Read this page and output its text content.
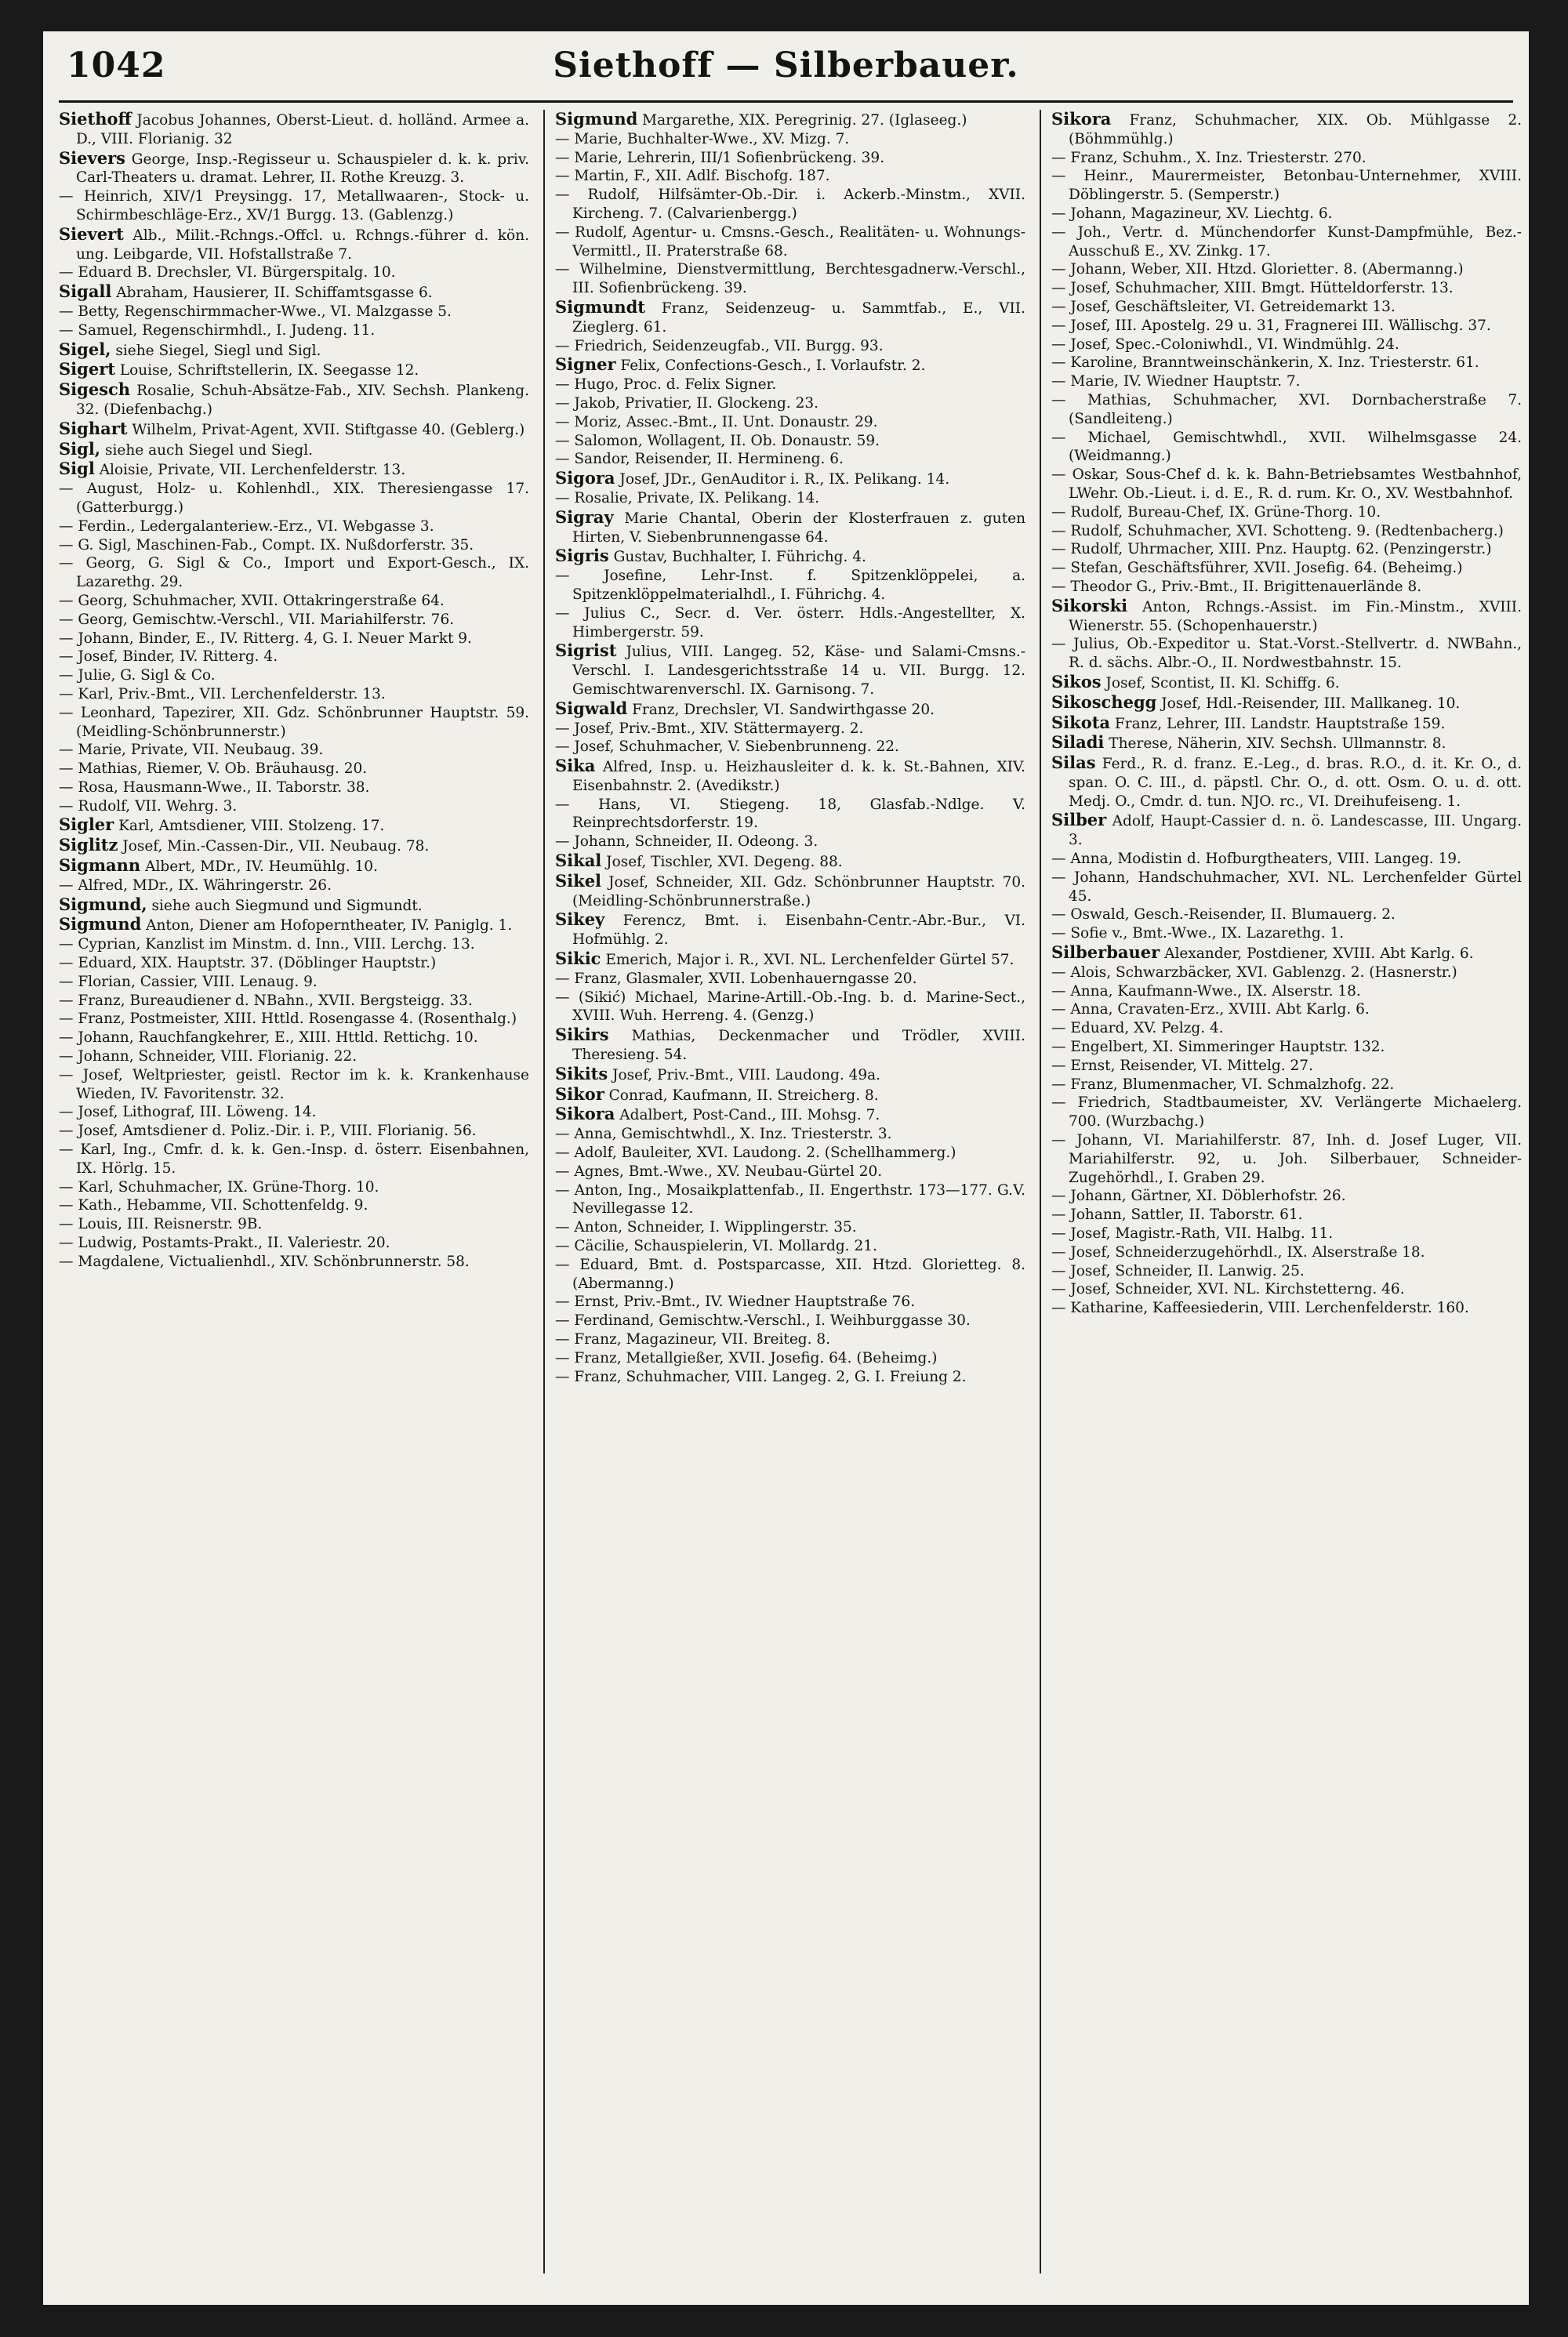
1042	Siethoff — Silberbauer.

Siethoff Jacobus Johannes, Oberst-Lieut. d. holländ. Armee a. D., VIII. Florianig. 32

Sievers George, Insp.-Regisseur u. Schauspieler d. k. k. priv. Carl-Theaters u. dramat. Lehrer, II. Rothe Kreuzg. 3.

— Heinrich, XIV/1 Preysingg. 17, Metallwaaren-, Stock- u. Schirmbeschläge-Erz., XV/1 Burgg. 13. (Gablenzg.)

Sievert Alb., Milit.-Rchngs.-Offcl. u. Rchngs.-führer d. kön. ung. Leibgarde, VII. Hofstallstraße 7.

— Eduard B. Drechsler, VI. Bürgerspitalg. 10.

Sigall Abraham, Hausierer, II. Schiffamtsgasse 6.

— Betty, Regenschirmmacher-Wwe., VI. Malzgasse 5.

— Samuel, Regenschirmhdl., I. Judeng. 11.

Sigel, siehe Siegel, Siegl und Sigl.

Sigert Louise, Schriftstellerin, IX. Seegasse 12.

Sigesch Rosalie, Schuh-Absätze-Fab., XIV. Sechsh. Plankeng. 32. (Diefenbachg.)

Sighart Wilhelm, Privat-Agent, XVII. Stiftgasse 40. (Geblerg.)

Sigl, siehe auch Siegel und Siegl.

Sigl Aloisie, Private, VII. Lerchenfelderstr. 13.

— August, Holz- u. Kohlenhdl., XIX. Theresiengasse 17. (Gatterburgg.)

— Ferdin., Ledergalanteriew.-Erz., VI. Webgasse 3.

— G. Sigl, Maschinen-Fab., Compt. IX. Nußdorferstr. 35.

— Georg, G. Sigl & Co., Import und Export-Gesch., IX. Lazarethg. 29.

— Georg, Schuhmacher, XVII. Ottakringerstraße 64.

— Georg, Gemischtw.-Verschl., VII. Mariahilferstr. 76.

— Johann, Binder, E., IV. Ritterg. 4, G. I. Neuer Markt 9.

— Josef, Binder, IV. Ritterg. 4.

— Julie, G. Sigl & Co.

— Karl, Priv.-Bmt., VII. Lerchenfelderstr. 13.

— Leonhard, Tapezirer, XII. Gdz. Schönbrunner Hauptstr. 59. (Meidling-Schönbrunnerstr.)

— Marie, Private, VII. Neubaug. 39.

— Mathias, Riemer, V. Ob. Bräuhausg. 20.

— Rosa, Hausmann-Wwe., II. Taborstr. 38.

— Rudolf, VII. Wehrg. 3.

Sigler Karl, Amtsdiener, VIII. Stolzeng. 17.

Siglitz Josef, Min.-Cassen-Dir., VII. Neubaug. 78.

Sigmann Albert, MDr., IV. Heumühlg. 10.

— Alfred, MDr., IX. Währingerstr. 26.

Sigmund, siehe auch Siegmund und Sigmundt.

Sigmund Anton, Diener am Hofoperntheater, IV. Paniglg. 1.

— Cyprian, Kanzlist im Minstm. d. Inn., VIII. Lerchg. 13.

— Eduard, XIX. Hauptstr. 37. (Döblinger Hauptstr.)

— Florian, Cassier, VIII. Lenaug. 9.

— Franz, Bureaudiener d. NBahn., XVII. Bergsteigg. 33.

— Franz, Postmeister, XIII. Httld. Rosengasse 4. (Rosenthalg.)

— Johann, Rauchfangkehrer, E., XIII. Httld. Rettichg. 10.

— Johann, Schneider, VIII. Florianig. 22.

— Josef, Weltpriester, geistl. Rector im k. k. Krankenhause Wieden, IV. Favoritenstr. 32.

— Josef, Lithograf, III. Löweng. 14.

— Josef, Amtsdiener d. Poliz.-Dir. i. P., VIII. Florianig. 56.

— Karl, Ing., Cmfr. d. k. k. Gen.-Insp. d. österr. Eisenbahnen, IX. Hörlg. 15.

— Karl, Schuhmacher, IX. Grüne-Thorg. 10.

— Kath., Hebamme, VII. Schottenfeldg. 9.

— Louis, III. Reisnerstr. 9B.

— Ludwig, Postamts-Prakt., II. Valeriestr. 20.

— Magdalene, Victualienhdl., XIV. Schönbrunnerstr. 58.

Sigmund Margarethe, XIX. Peregrinig. 27. (Iglaseeg.)

— Marie, Buchhalter-Wwe., XV. Mizg. 7.

— Marie, Lehrerin, III/1 Sofienbrückeng. 39.

— Martin, F., XII. Adlf. Bischofg. 187.

— Rudolf, Hilfsämter-Ob.-Dir. i. Ackerb.-Minstm., XVII. Kircheng. 7. (Calvarienbergg.)

— Rudolf, Agentur- u. Cmsns.-Gesch., Realitäten- u. Wohnungs-Vermittl., II. Praterstraße 68.

— Wilhelmine, Dienstvermittlung, Berchtesgadnerw.-Verschl., III. Sofienbrückeng. 39.

Sigmundt Franz, Seidenzeug- u. Sammtfab., E., VII. Zieglerg. 61.

— Friedrich, Seidenzeugfab., VII. Burgg. 93.

Signer Felix, Confections-Gesch., I. Vorlaufstr. 2.

— Hugo, Proc. d. Felix Signer.

— Jakob, Privatier, II. Glockeng. 23.

— Moriz, Assec.-Bmt., II. Unt. Donaustr. 29.

— Salomon, Wollagent, II. Ob. Donaustr. 59.

— Sandor, Reisender, II. Hermineng. 6.

Sigora Josef, JDr., GenAuditor i. R., IX. Pelikang. 14.

— Rosalie, Private, IX. Pelikang. 14.

Sigray Marie Chantal, Oberin der Klosterfrauen z. guten Hirten, V. Siebenbrunnengasse 64.

Sigris Gustav, Buchhalter, I. Führichg. 4.

— Josefine, Lehr-Inst. f. Spitzenklöppelei, a. Spitzenklöppelmaterialhdl., I. Führichg. 4.

— Julius C., Secr. d. Ver. österr. Hdls.-Angestellter, X. Himbergerstr. 59.

Sigrist Julius, VIII. Langeg. 52, Käse- und Salami-Cmsns.-Verschl. I. Landesgerichtsstraße 14 u. VII. Burgg. 12. Gemischtwarenverschl. IX. Garnisong. 7.

Sigwald Franz, Drechsler, VI. Sandwirthgasse 20.

— Josef, Priv.-Bmt., XIV. Stättermayerg. 2.

— Josef, Schuhmacher, V. Siebenbrunneng. 22.

Sika Alfred, Insp. u. Heizhausleiter d. k. k. St.-Bahnen, XIV. Eisenbahnstr. 2. (Avedikstr.)

— Hans, VI. Stiegeng. 18, Glasfab.-Ndlge. V. Reinprechtsdorferstr. 19.

— Johann, Schneider, II. Odeong. 3.

Sikal Josef, Tischler, XVI. Degeng. 88.

Sikel Josef, Schneider, XII. Gdz. Schönbrunner Hauptstr. 70. (Meidling-Schönbrunnerstraße.)

Sikey Ferencz, Bmt. i. Eisenbahn-Centr.-Abr.-Bur., VI. Hofmühlg. 2.

Sikic Emerich, Major i. R., XVI. NL. Lerchenfelder Gürtel 57.

— Franz, Glasmaler, XVII. Lobenhauerngasse 20.

— (Sikić) Michael, Marine-Artill.-Ob.-Ing. b. d. Marine-Sect., XVIII. Wuh. Herreng. 4. (Genzg.)

Sikirs Mathias, Deckenmacher und Trödler, XVIII. Theresieng. 54.

Sikits Josef, Priv.-Bmt., VIII. Laudong. 49a.

Sikor Conrad, Kaufmann, II. Streicherg. 8.

Sikora Adalbert, Post-Cand., III. Mohsg. 7.

— Anna, Gemischtwhdl., X. Inz. Triesterstr. 3.

— Adolf, Bauleiter, XVI. Laudong. 2. (Schellhammerg.)

— Agnes, Bmt.-Wwe., XV. Neubau-Gürtel 20.

— Anton, Ing., Mosaikplattenfab., II. Engerthstr. 173—177. G.V. Nevillegasse 12.

— Anton, Schneider, I. Wipplingerstr. 35.

— Cäcilie, Schauspielerin, VI. Mollardg. 21.

— Eduard, Bmt. d. Postsparcasse, XII. Htzd. Glorietteg. 8. (Abermanng.)

— Ernst, Priv.-Bmt., IV. Wiedner Hauptstraße 76.

— Ferdinand, Gemischtw.-Verschl., I. Weihburggasse 30.

— Franz, Magazineur, VII. Breiteg. 8.

— Franz, Metallgießer, XVII. Josefig. 64. (Beheimg.)

— Franz, Schuhmacher, VIII. Langeg. 2, G. I. Freiung 2.

Sikora Franz, Schuhmacher, XIX. Ob. Mühlgasse 2. (Böhmmühlg.)

— Franz, Schuhm., X. Inz. Triesterstr. 270.

— Heinr., Maurermeister, Betonbau-Unternehmer, XVIII. Döblingerstr. 5. (Semperstr.)

— Johann, Magazineur, XV. Liechtg. 6.

— Joh., Vertr. d. Münchendorfer Kunst-Dampfmühle, Bez.-Ausschuß E., XV. Zinkg. 17.

— Johann, Weber, XII. Htzd. Gloriettег. 8. (Abermanng.)

— Josef, Schuhmacher, XIII. Bmgt. Hütteldorferstr. 13.

— Josef, Geschäftsleiter, VI. Getreidemarkt 13.

— Josef, III. Apostelg. 29 u. 31, Fragnerei III. Wällischg. 37.

— Josef, Spec.-Coloniwhdl., VI. Windmühlg. 24.

— Karoline, Branntweinschänkerin, X. Inz. Triesterstr. 61.

— Marie, IV. Wiedner Hauptstr. 7.

— Mathias, Schuhmacher, XVI. Dornbacherstraße 7. (Sandleiteng.)

— Michael, Gemischtwhdl., XVII. Wilhelmsgasse 24. (Weidmanng.)

— Oskar, Sous-Chef d. k. k. Bahn-Betriebsamtes Westbahnhof, LWehr. Ob.-Lieut. i. d. E., R. d. rum. Kr. O., XV. Westbahnhof.

— Rudolf, Bureau-Chef, IX. Grüne-Thorg. 10.

— Rudolf, Schuhmacher, XVI. Schotteng. 9. (Redtenbacherg.)

— Rudolf, Uhrmacher, XIII. Pnz. Hauptg. 62. (Penzingerstr.)

— Stefan, Geschäftsführer, XVII. Josefig. 64. (Beheimg.)

— Theodor G., Priv.-Bmt., II. Brigittenauerlände 8.

Sikorski Anton, Rchngs.-Assist. im Fin.-Minstm., XVIII. Wienerstr. 55. (Schopenhauerstr.)

— Julius, Ob.-Expeditor u. Stat.-Vorst.-Stellvertr. d. NWBahn., R. d. sächs. Albr.-O., II. Nordwestbahnstr. 15.

Sikos Josef, Scontist, II. Kl. Schiffg. 6.

Sikoschegg Josef, Hdl.-Reisender, III. Mallkaneg. 10.

Sikota Franz, Lehrer, III. Landstr. Hauptstraße 159.

Siladi Therese, Näherin, XIV. Sechsh. Ullmannstr. 8.

Silas Ferd., R. d. franz. E.-Leg., d. bras. R.O., d. it. Kr. O., d. span. O. C. III., d. päpstl. Chr. O., d. ott. Osm. O. u. d. ott. Medj. O., Cmdr. d. tun. NJO. rc., VI. Dreihufeiseng. 1.

Silber Adolf, Haupt-Cassier d. n. ö. Landescasse, III. Ungarg. 3.

— Anna, Modistin d. Hofburgtheaters, VIII. Langeg. 19.

— Johann, Handschuhmacher, XVI. NL. Lerchenfelder Gürtel 45.

— Oswald, Gesch.-Reisender, II. Blumauerg. 2.

— Sofie v., Bmt.-Wwe., IX. Lazarethg. 1.

Silberbauer Alexander, Postdiener, XVIII. Abt Karlg. 6.

— Alois, Schwarzbäcker, XVI. Gablenzg. 2. (Hasnerstr.)

— Anna, Kaufmann-Wwe., IX. Alserstr. 18.

— Anna, Cravaten-Erz., XVIII. Abt Karlg. 6.

— Eduard, XV. Pelzg. 4.

— Engelbert, XI. Simmeringer Hauptstr. 132.

— Ernst, Reisender, VI. Mittelg. 27.

— Franz, Blumenmacher, VI. Schmalzhofg. 22.

— Friedrich, Stadtbaumeister, XV. Verlängerte Michaelerg. 700. (Wurzbachg.)

— Johann, VI. Mariahilferstr. 87, Inh. d. Josef Luger, VII. Mariahilferstr. 92, u. Joh. Silberbauer, Schneider-Zugehörhdl., I. Graben 29.

— Johann, Gärtner, XI. Döblerhofstr. 26.

— Johann, Sattler, II. Taborstr. 61.

— Josef, Magistr.-Rath, VII. Halbg. 11.

— Josef, Schneiderzugehörhdl., IX. Alserstraße 18.

— Josef, Schneider, II. Lanwig. 25.

— Josef, Schneider, XVI. NL. Kirchstetterng. 46.

— Katharine, Kaffeesiederin, VIII. Lerchenfelderstr. 160.
